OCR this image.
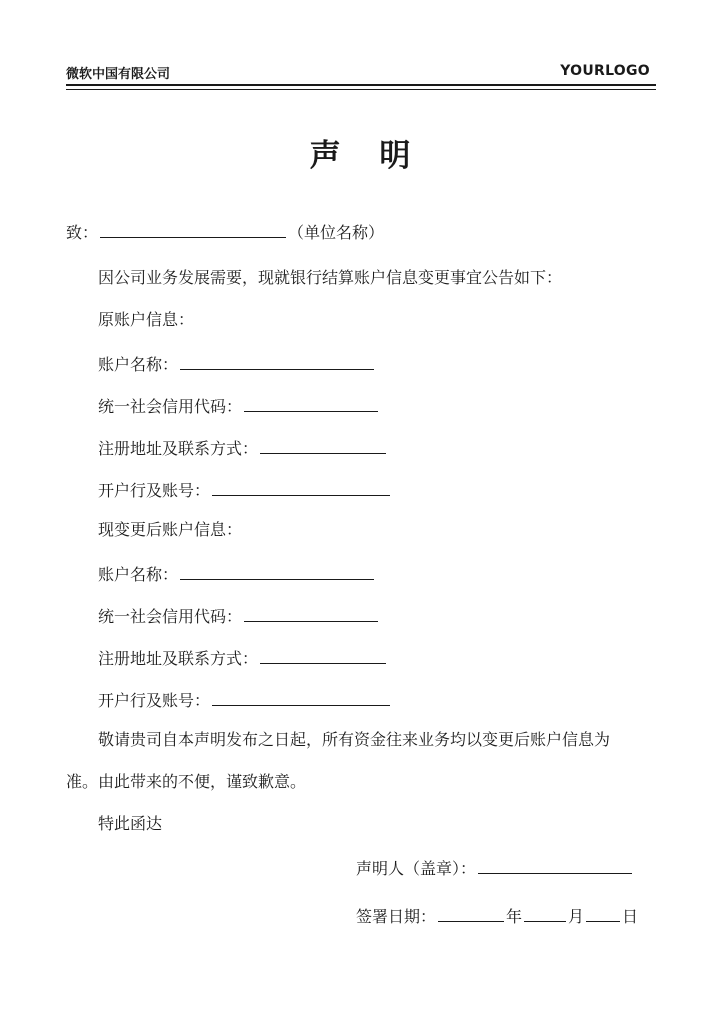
微软中国有限公司	YOURLOGO
声 明
致：	（单位名称）
因公司业务发展需要，现就银行结算账户信息变更事宜公告如下：
原账户信息：
账户名称：
统一社会信用代码：
注册地址及联系方式：
开户行及账号：
现变更后账户信息：
账户名称：
统一社会信用代码：
注册地址及联系方式：
开户行及账号：
敬请贵司自本声明发布之日起，所有资金往来业务均以变更后账户信息为
准。由此带来的不便，谨致歉意。
特此函达
声明人（盖章）：
签署日期：	年	月 日
